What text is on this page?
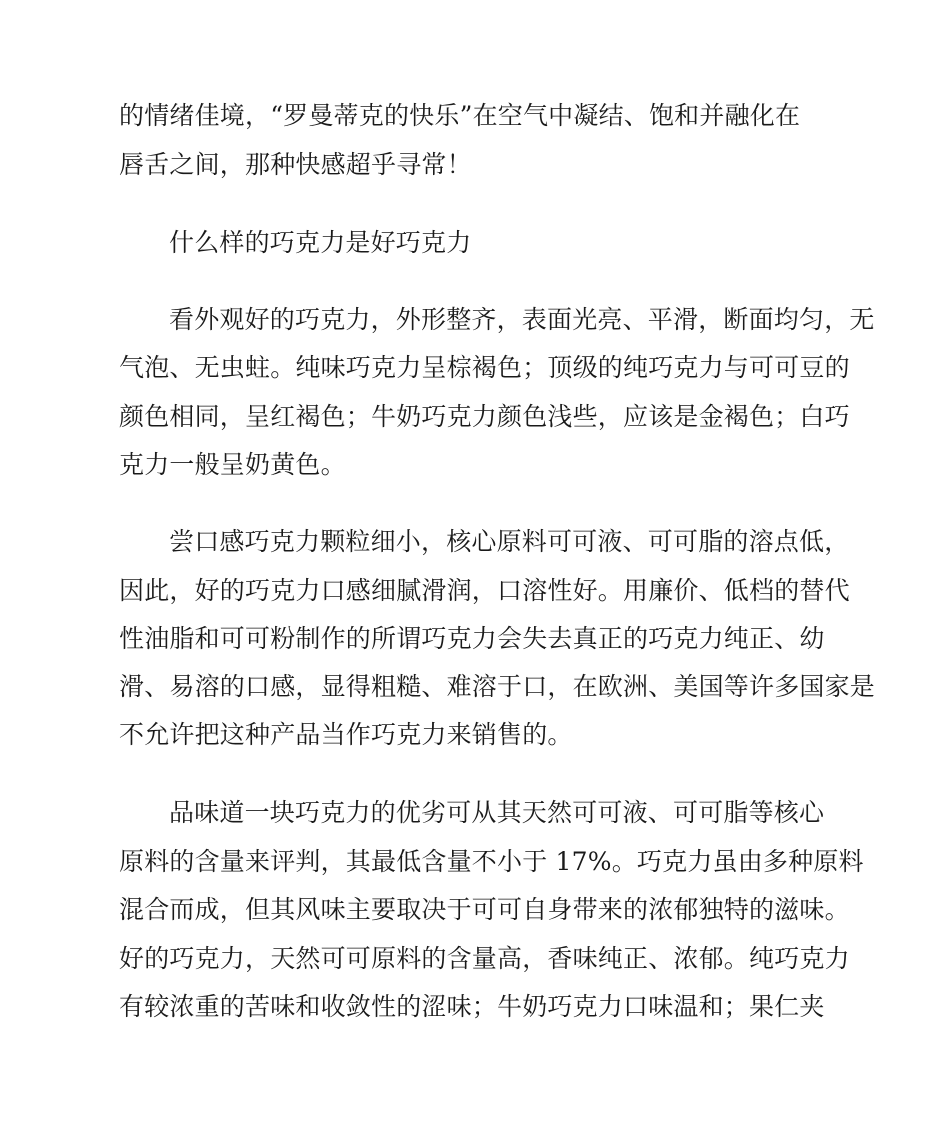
的情绪佳境，“罗曼蒂克的快乐”在空气中凝结、饱和并融化在
唇舌之间，那种快感超乎寻常！
什么样的巧克力是好巧克力
看外观好的巧克力，外形整齐，表面光亮、平滑，断面均匀，无
气泡、无虫蛀。纯味巧克力呈棕褐色；顶级的纯巧克力与可可豆的
颜色相同，呈红褐色；牛奶巧克力颜色浅些，应该是金褐色；白巧
克力一般呈奶黄色。
尝口感巧克力颗粒细小，核心原料可可液、可可脂的溶点低，
因此，好的巧克力口感细腻滑润，口溶性好。用廉价、低档的替代
性油脂和可可粉制作的所谓巧克力会失去真正的巧克力纯正、幼
滑、易溶的口感，显得粗糙、难溶于口，在欧洲、美国等许多国家是
不允许把这种产品当作巧克力来销售的。
品味道一块巧克力的优劣可从其天然可可液、可可脂等核心
原料的含量来评判，其最低含量不小于 17%。巧克力虽由多种原料
混合而成，但其风味主要取决于可可自身带来的浓郁独特的滋味。
好的巧克力，天然可可原料的含量高，香味纯正、浓郁。纯巧克力
有较浓重的苦味和收敛性的涩味；牛奶巧克力口味温和；果仁夹
